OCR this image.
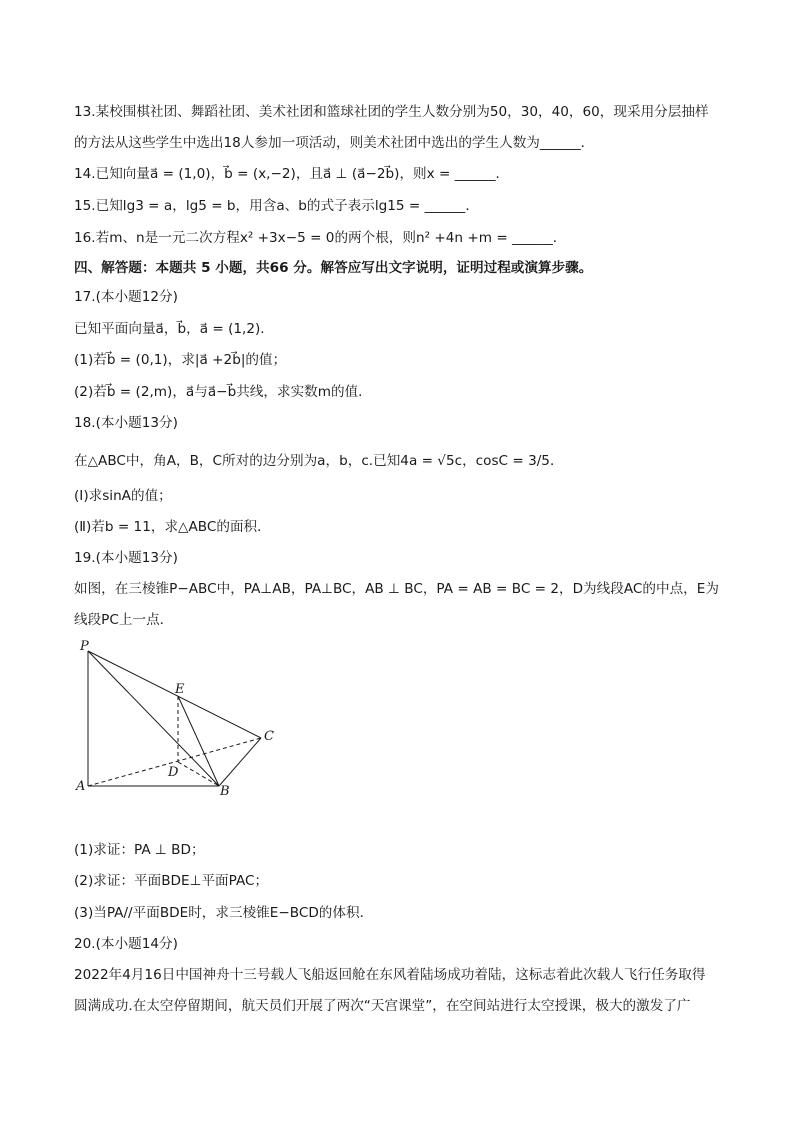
13.某校围棋社团、舞蹈社团、美术社团和篮球社团的学生人数分别为50，30，40，60，现采用分层抽样
的方法从这些学生中选出18人参加一项活动，则美术社团中选出的学生人数为______．
14.已知向量a⃗ = (1,0)，b⃗ = (x,−2)，且a⃗ ⊥ (a⃗−2b⃗)，则x = ______．
15.已知lg3 = a，lg5 = b，用含a、b的式子表示lg15 = ______．
16.若m、n是一元二次方程x² +3x−5 = 0的两个根，则n² +4n +m = ______．
四、解答题：本题共 5 小题，共66 分。解答应写出文字说明，证明过程或演算步骤。
17.(本小题12分)
已知平面向量a⃗，b⃗，a⃗ = (1,2)．
(1)若b⃗ = (0,1)，求|a⃗ +2b⃗|的值；
(2)若b⃗ = (2,m)，a⃗与a⃗−b⃗共线，求实数m的值．
18.(本小题13分)
在△ABC中，角A，B，C所对的边分别为a，b，c.已知4a = √5c，cosC = 3/5．
(Ⅰ)求sinA的值；
(Ⅱ)若b = 11，求△ABC的面积．
19.(本小题13分)
如图，在三棱锥P−ABC中，PA⊥AB，PA⊥BC，AB ⊥ BC，PA = AB = BC = 2，D为线段AC的中点，E为
线段PC上一点．
P
A	B
C
D
E
(1)求证：PA ⊥ BD；
(2)求证：平面BDE⊥平面PAC；
(3)当PA//平面BDE时，求三棱锥E−BCD的体积．
20.(本小题14分)
2022年4月16日中国神舟十三号载人飞船返回舱在东风着陆场成功着陆，这标志着此次载人飞行任务取得
圆满成功.在太空停留期间，航天员们开展了两次“天宫课堂”，在空间站进行太空授课，极大的激发了广
